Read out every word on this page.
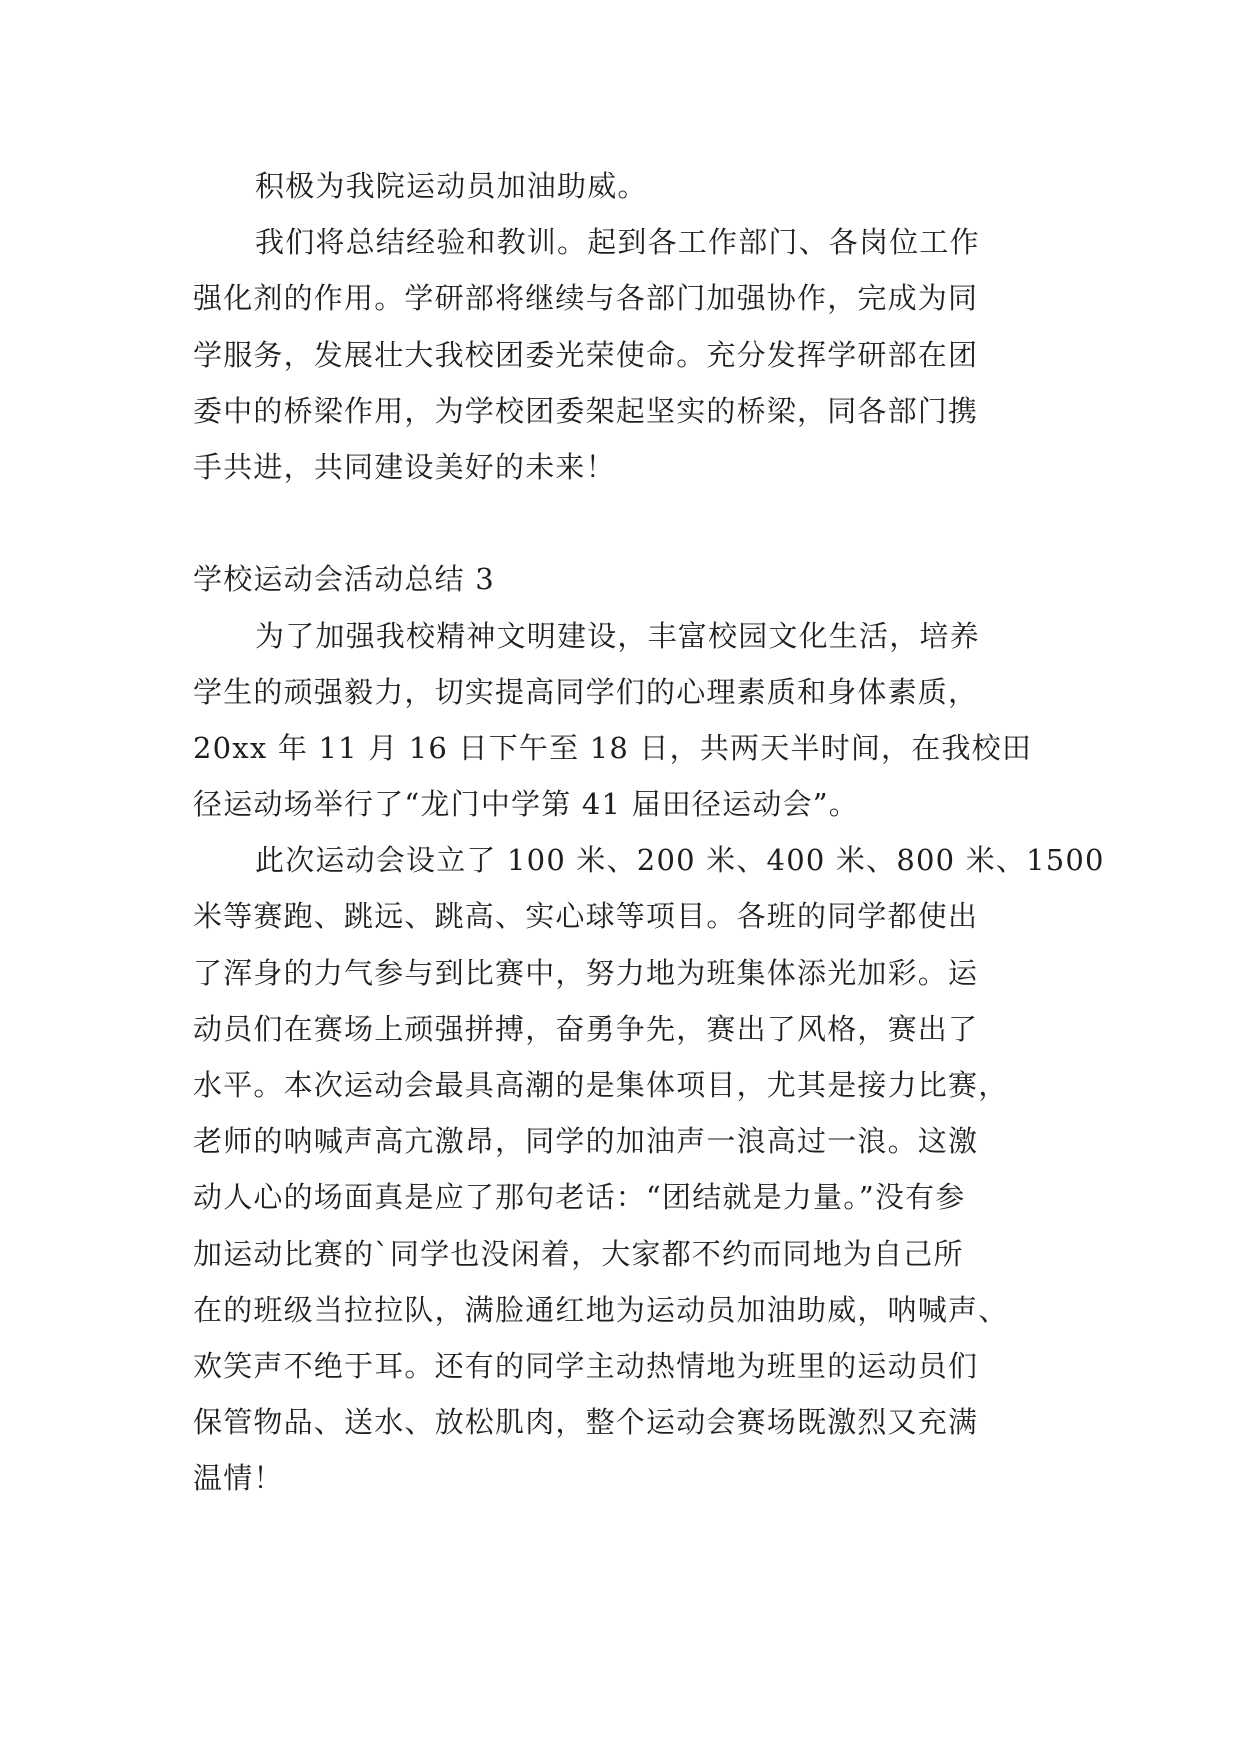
积极为我院运动员加油助威。
我们将总结经验和教训。起到各工作部门、各岗位工作
强化剂的作用。学研部将继续与各部门加强协作，完成为同
学服务，发展壮大我校团委光荣使命。充分发挥学研部在团
委中的桥梁作用，为学校团委架起坚实的桥梁，同各部门携
手共进，共同建设美好的未来！
学校运动会活动总结 3
为了加强我校精神文明建设，丰富校园文化生活，培养
学生的顽强毅力，切实提高同学们的心理素质和身体素质，
20xx 年 11 月 16 日下午至 18 日，共两天半时间，在我校田
径运动场举行了“龙门中学第 41 届田径运动会”。
此次运动会设立了 100 米、200 米、400 米、800 米、1500
米等赛跑、跳远、跳高、实心球等项目。各班的同学都使出
了浑身的力气参与到比赛中，努力地为班集体添光加彩。运
动员们在赛场上顽强拼搏，奋勇争先，赛出了风格，赛出了
水平。本次运动会最具高潮的是集体项目，尤其是接力比赛，
老师的呐喊声高亢激昂，同学的加油声一浪高过一浪。这激
动人心的场面真是应了那句老话：“团结就是力量。”没有参
加运动比赛的`同学也没闲着，大家都不约而同地为自己所
在的班级当拉拉队，满脸通红地为运动员加油助威，呐喊声、
欢笑声不绝于耳。还有的同学主动热情地为班里的运动员们
保管物品、送水、放松肌肉，整个运动会赛场既激烈又充满
温情！
